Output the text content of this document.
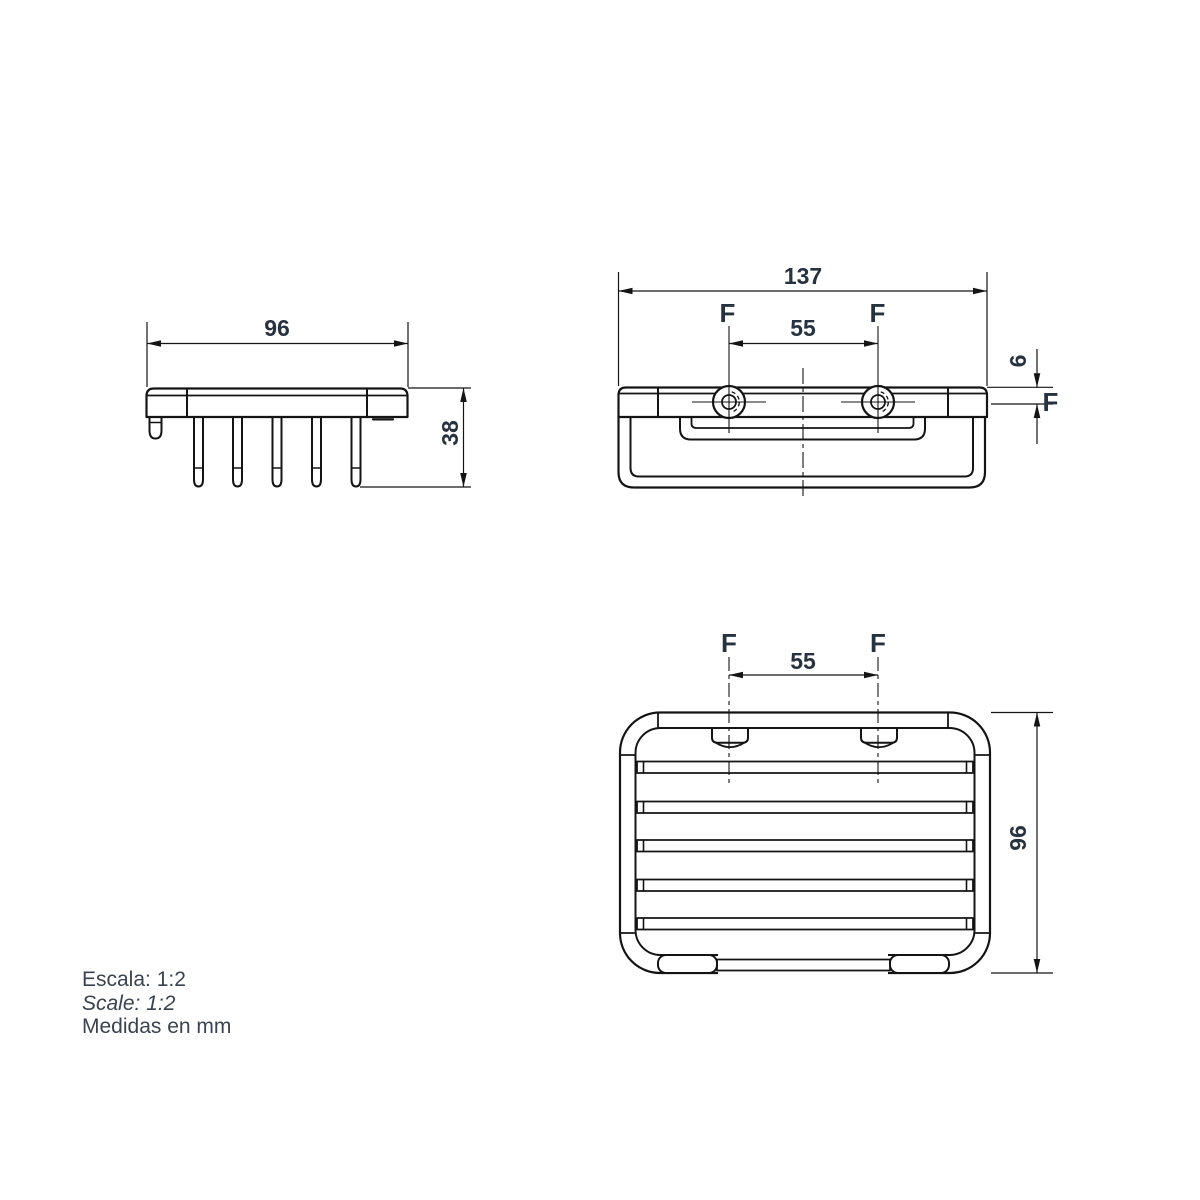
96
38
137
F	F
55
6
F
F	F
55
96
Escala: 1:2
Scale: 1:2
Medidas en mm
